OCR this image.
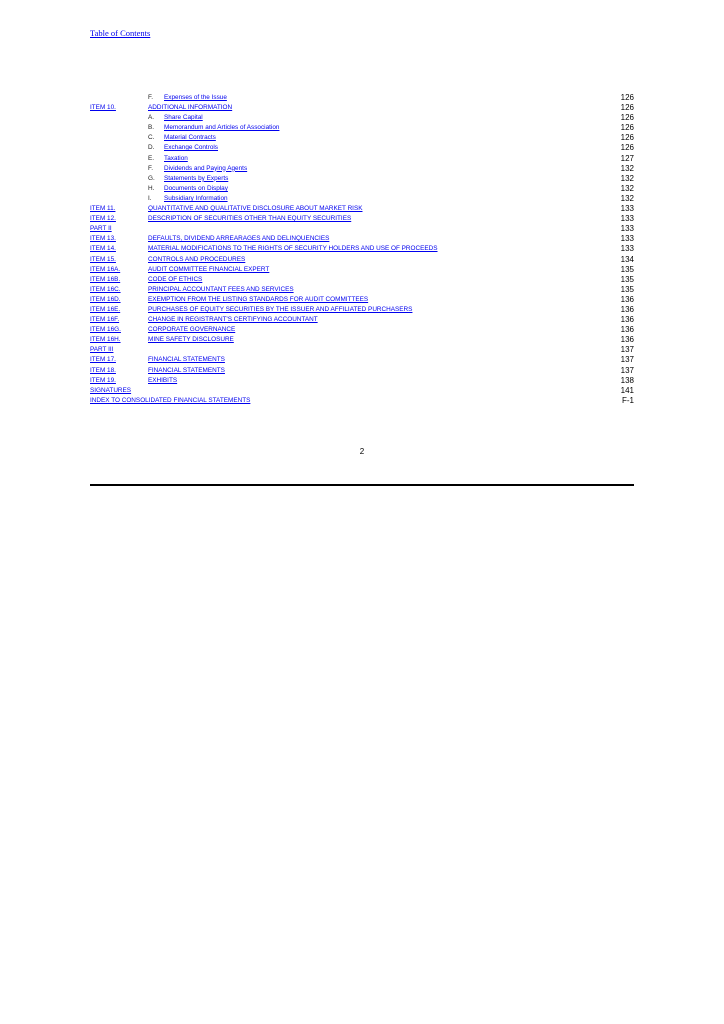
Table of Contents
F. Expenses of the Issue	126
ITEM 10.	ADDITIONAL INFORMATION	126
A. Share Capital	126
B. Memorandum and Articles of Association	126
C. Material Contracts	126
D. Exchange Controls	126
E. Taxation	127
F. Dividends and Paying Agents	132
G. Statements by Experts	132
H. Documents on Display	132
I. Subsidiary Information	132
ITEM 11.	QUANTITATIVE AND QUALITATIVE DISCLOSURE ABOUT MARKET RISK	133
ITEM 12.	DESCRIPTION OF SECURITIES OTHER THAN EQUITY SECURITIES	133
PART II	133
ITEM 13.	DEFAULTS, DIVIDEND ARREARAGES AND DELINQUENCIES	133
ITEM 14.	MATERIAL MODIFICATIONS TO THE RIGHTS OF SECURITY HOLDERS AND USE OF PROCEEDS	133
ITEM 15.	CONTROLS AND PROCEDURES	134
ITEM 16A.	AUDIT COMMITTEE FINANCIAL EXPERT	135
ITEM 16B.	CODE OF ETHICS	135
ITEM 16C.	PRINCIPAL ACCOUNTANT FEES AND SERVICES	135
ITEM 16D.	EXEMPTION FROM THE LISTING STANDARDS FOR AUDIT COMMITTEES	136
ITEM 16E.	PURCHASES OF EQUITY SECURITIES BY THE ISSUER AND AFFILIATED PURCHASERS	136
ITEM 16F.	CHANGE IN REGISTRANT'S CERTIFYING ACCOUNTANT	136
ITEM 16G.	CORPORATE GOVERNANCE	136
ITEM 16H.	MINE SAFETY DISCLOSURE	136
PART III	137
ITEM 17.	FINANCIAL STATEMENTS	137
ITEM 18.	FINANCIAL STATEMENTS	137
ITEM 19.	EXHIBITS	138
SIGNATURES	141
INDEX TO CONSOLIDATED FINANCIAL STATEMENTS	F-1
2
